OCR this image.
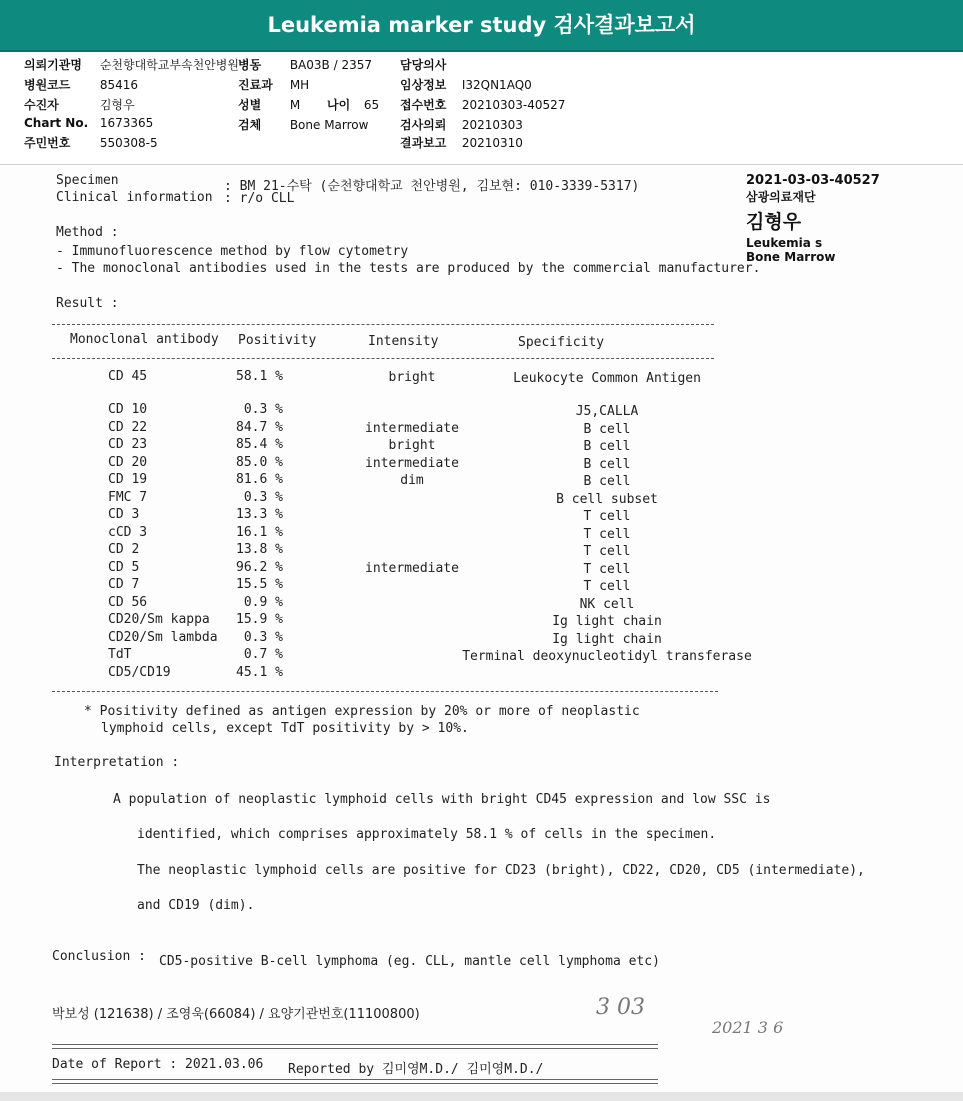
Leukemia marker study 검사결과보고서
의뢰기관명 순천향대학교부속천안병원
병원코드 85416
수진자	김형우
Chart No. 1673365
주민번호 550308-5
병동 BA03B / 2357
진료과 MH
성별 M 나이 65
검체 Bone Marrow
담당의사
임상정보 I32QN1AQ0
접수번호 20210303-40527
검사의뢰 20210303
결과보고 20210310
2021-03-03-40527
삼광의료재단
김형우
Leukemia s
Bone Marrow
Specimen	: BM 21-수탁 (순천향대학교 천안병원, 김보현: 010-3339-5317)
Clinical information : r/o CLL
Method :
- Immunofluorescence method by flow cytometry
- The monoclonal antibodies used in the tests are produced by the commercial manufacturer.
Result :
Monoclonal antibody Positivity	Intensity	Specificity
CD 45	58.1 %	bright	Leukocyte Common Antigen
CD 10	0.3 %	J5,CALLA
CD 22	84.7 %	intermediate	B cell
CD 23	85.4 %	bright	B cell
CD 20	85.0 %	intermediate	B cell
CD 19	81.6 %	dim	B cell
FMC 7	0.3 %	B cell subset
CD 3	13.3 %	T cell
cCD 3	16.1 %	T cell
CD 2	13.8 %	T cell
CD 5	96.2 %	intermediate	T cell
CD 7	15.5 %	T cell
CD 56	0.9 %	NK cell
CD20/Sm kappa 15.9 %	Ig light chain
CD20/Sm lambda 0.3 %	Ig light chain
TdT	0.7 %	Terminal deoxynucleotidyl transferase
CD5/CD19	45.1 %
* Positivity defined as antigen expression by 20% or more of neoplastic
lymphoid cells, except TdT positivity by > 10%.
Interpretation :
A population of neoplastic lymphoid cells with bright CD45 expression and low SSC is
identified, which comprises approximately 58.1 % of cells in the specimen.
The neoplastic lymphoid cells are positive for CD23 (bright), CD22, CD20, CD5 (intermediate),
and CD19 (dim).
Conclusion : CD5-positive B-cell lymphoma (eg. CLL, mantle cell lymphoma etc)
박보성 (121638) / 조영욱(66084) / 요양기관번호(11100800)	3 03
2021 3 6
Date of Report : 2021.03.06 Reported by 김미영M.D./ 김미영M.D./
